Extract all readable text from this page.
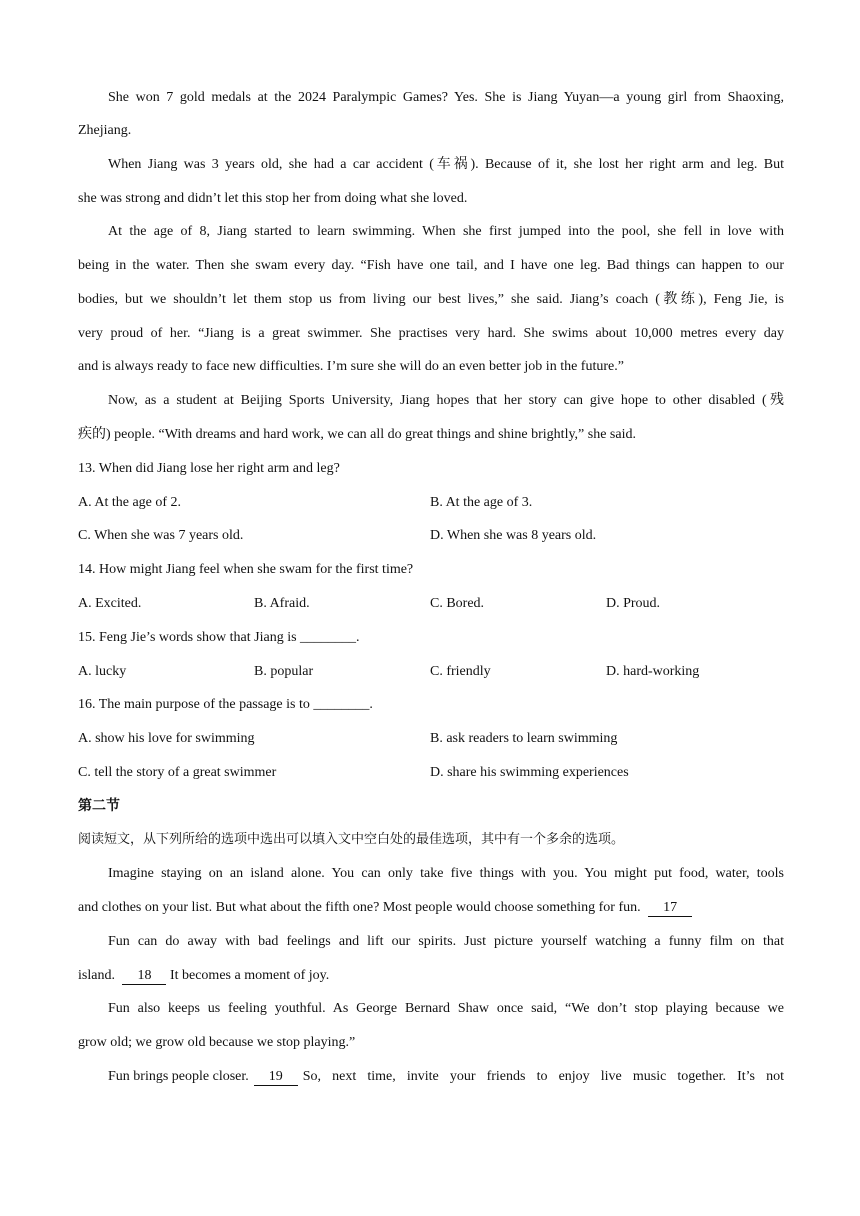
She won 7 gold medals at the 2024 Paralympic Games? Yes. She is Jiang Yuyan—a young girl from Shaoxing,
Zhejiang.
When Jiang was 3 years old, she had a car accident (车祸). Because of it, she lost her right arm and leg. But
she was strong and didn’t let this stop her from doing what she loved.
At the age of 8, Jiang started to learn swimming. When she first jumped into the pool, she fell in love with
being in the water. Then she swam every day. “Fish have one tail, and I have one leg. Bad things can happen to our
bodies, but we shouldn’t let them stop us from living our best lives,” she said. Jiang’s coach (教练), Feng Jie, is
very proud of her. “Jiang is a great swimmer. She practises very hard. She swims about 10,000 metres every day
and is always ready to face new difficulties. I’m sure she will do an even better job in the future.”
Now, as a student at Beijing Sports University, Jiang hopes that her story can give hope to other disabled (残
疾的) people. “With dreams and hard work, we can all do great things and shine brightly,” she said.
13. When did Jiang lose her right arm and leg?
A. At the age of 2.	B. At the age of 3.
C. When she was 7 years old.	D. When she was 8 years old.
14. How might Jiang feel when she swam for the first time?
A. Excited.	B. Afraid.	C. Bored.	D. Proud.
15. Feng Jie’s words show that Jiang is ________.
A. lucky	B. popular	C. friendly	D. hard-working
16. The main purpose of the passage is to ________.
A. show his love for swimming	B. ask readers to learn swimming
C. tell the story of a great swimmer	D. share his swimming experiences
第二节
阅读短文，从下列所给的选项中选出可以填入文中空白处的最佳选项，其中有一个多余的选项。
Imagine staying on an island alone. You can only take five things with you. You might put food, water, tools
and clothes on your list. But what about the fifth one? Most people would choose something for fun. 17
Fun can do away with bad feelings and lift our spirits. Just picture yourself watching a funny film on that
island. 18 It becomes a moment of joy.
Fun also keeps us feeling youthful. As George Bernard Shaw once said, “We don’t stop playing because we
grow old; we grow old because we stop playing.”
Fun brings people closer.	19	So, next time, invite your friends to enjoy live music together. It’s not
